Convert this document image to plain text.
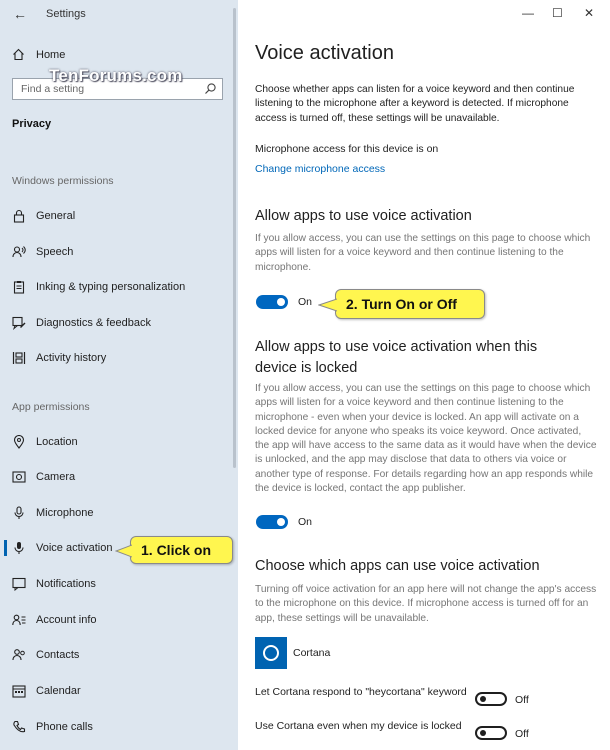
← Settings
Home
Find a setting
TenForums.com
Privacy
Windows permissions
General
Speech
Inking & typing personalization
Diagnostics & feedback
Activity history
App permissions
Location
Camera
Microphone
Voice activation
Notifications
Account info
Contacts
Calendar
Phone calls
— ☐ ✕
Voice activation
Choose whether apps can listen for a voice keyword and then continue listening to the microphone after a keyword is detected. If microphone access is turned off, these settings will be unavailable.
Microphone access for this device is on
Change microphone access
Allow apps to use voice activation
If you allow access, you can use the settings on this page to choose which apps will listen for a voice keyword and then continue listening to the microphone.
On
Allow apps to use voice activation when this device is locked
If you allow access, you can use the settings on this page to choose which apps will listen for a voice keyword and then continue listening to the microphone - even when your device is locked. An app will activate on a locked device for anyone who speaks its voice keyword. Once activated, the app will have access to the same data as it would have when the device is unlocked, and the app may disclose that data to others via voice or another type of response. For details regarding how an app responds while the device is locked, contact the app publisher.
On
Choose which apps can use voice activation
Turning off voice activation for an app here will not change the app's access to the microphone on this device. If microphone access is turned off for an app, these settings will be unavailable.
Cortana
Let Cortana respond to "heycortana" keyword
Off
Use Cortana even when my device is locked
Off
1. Click on
2. Turn On or Off
